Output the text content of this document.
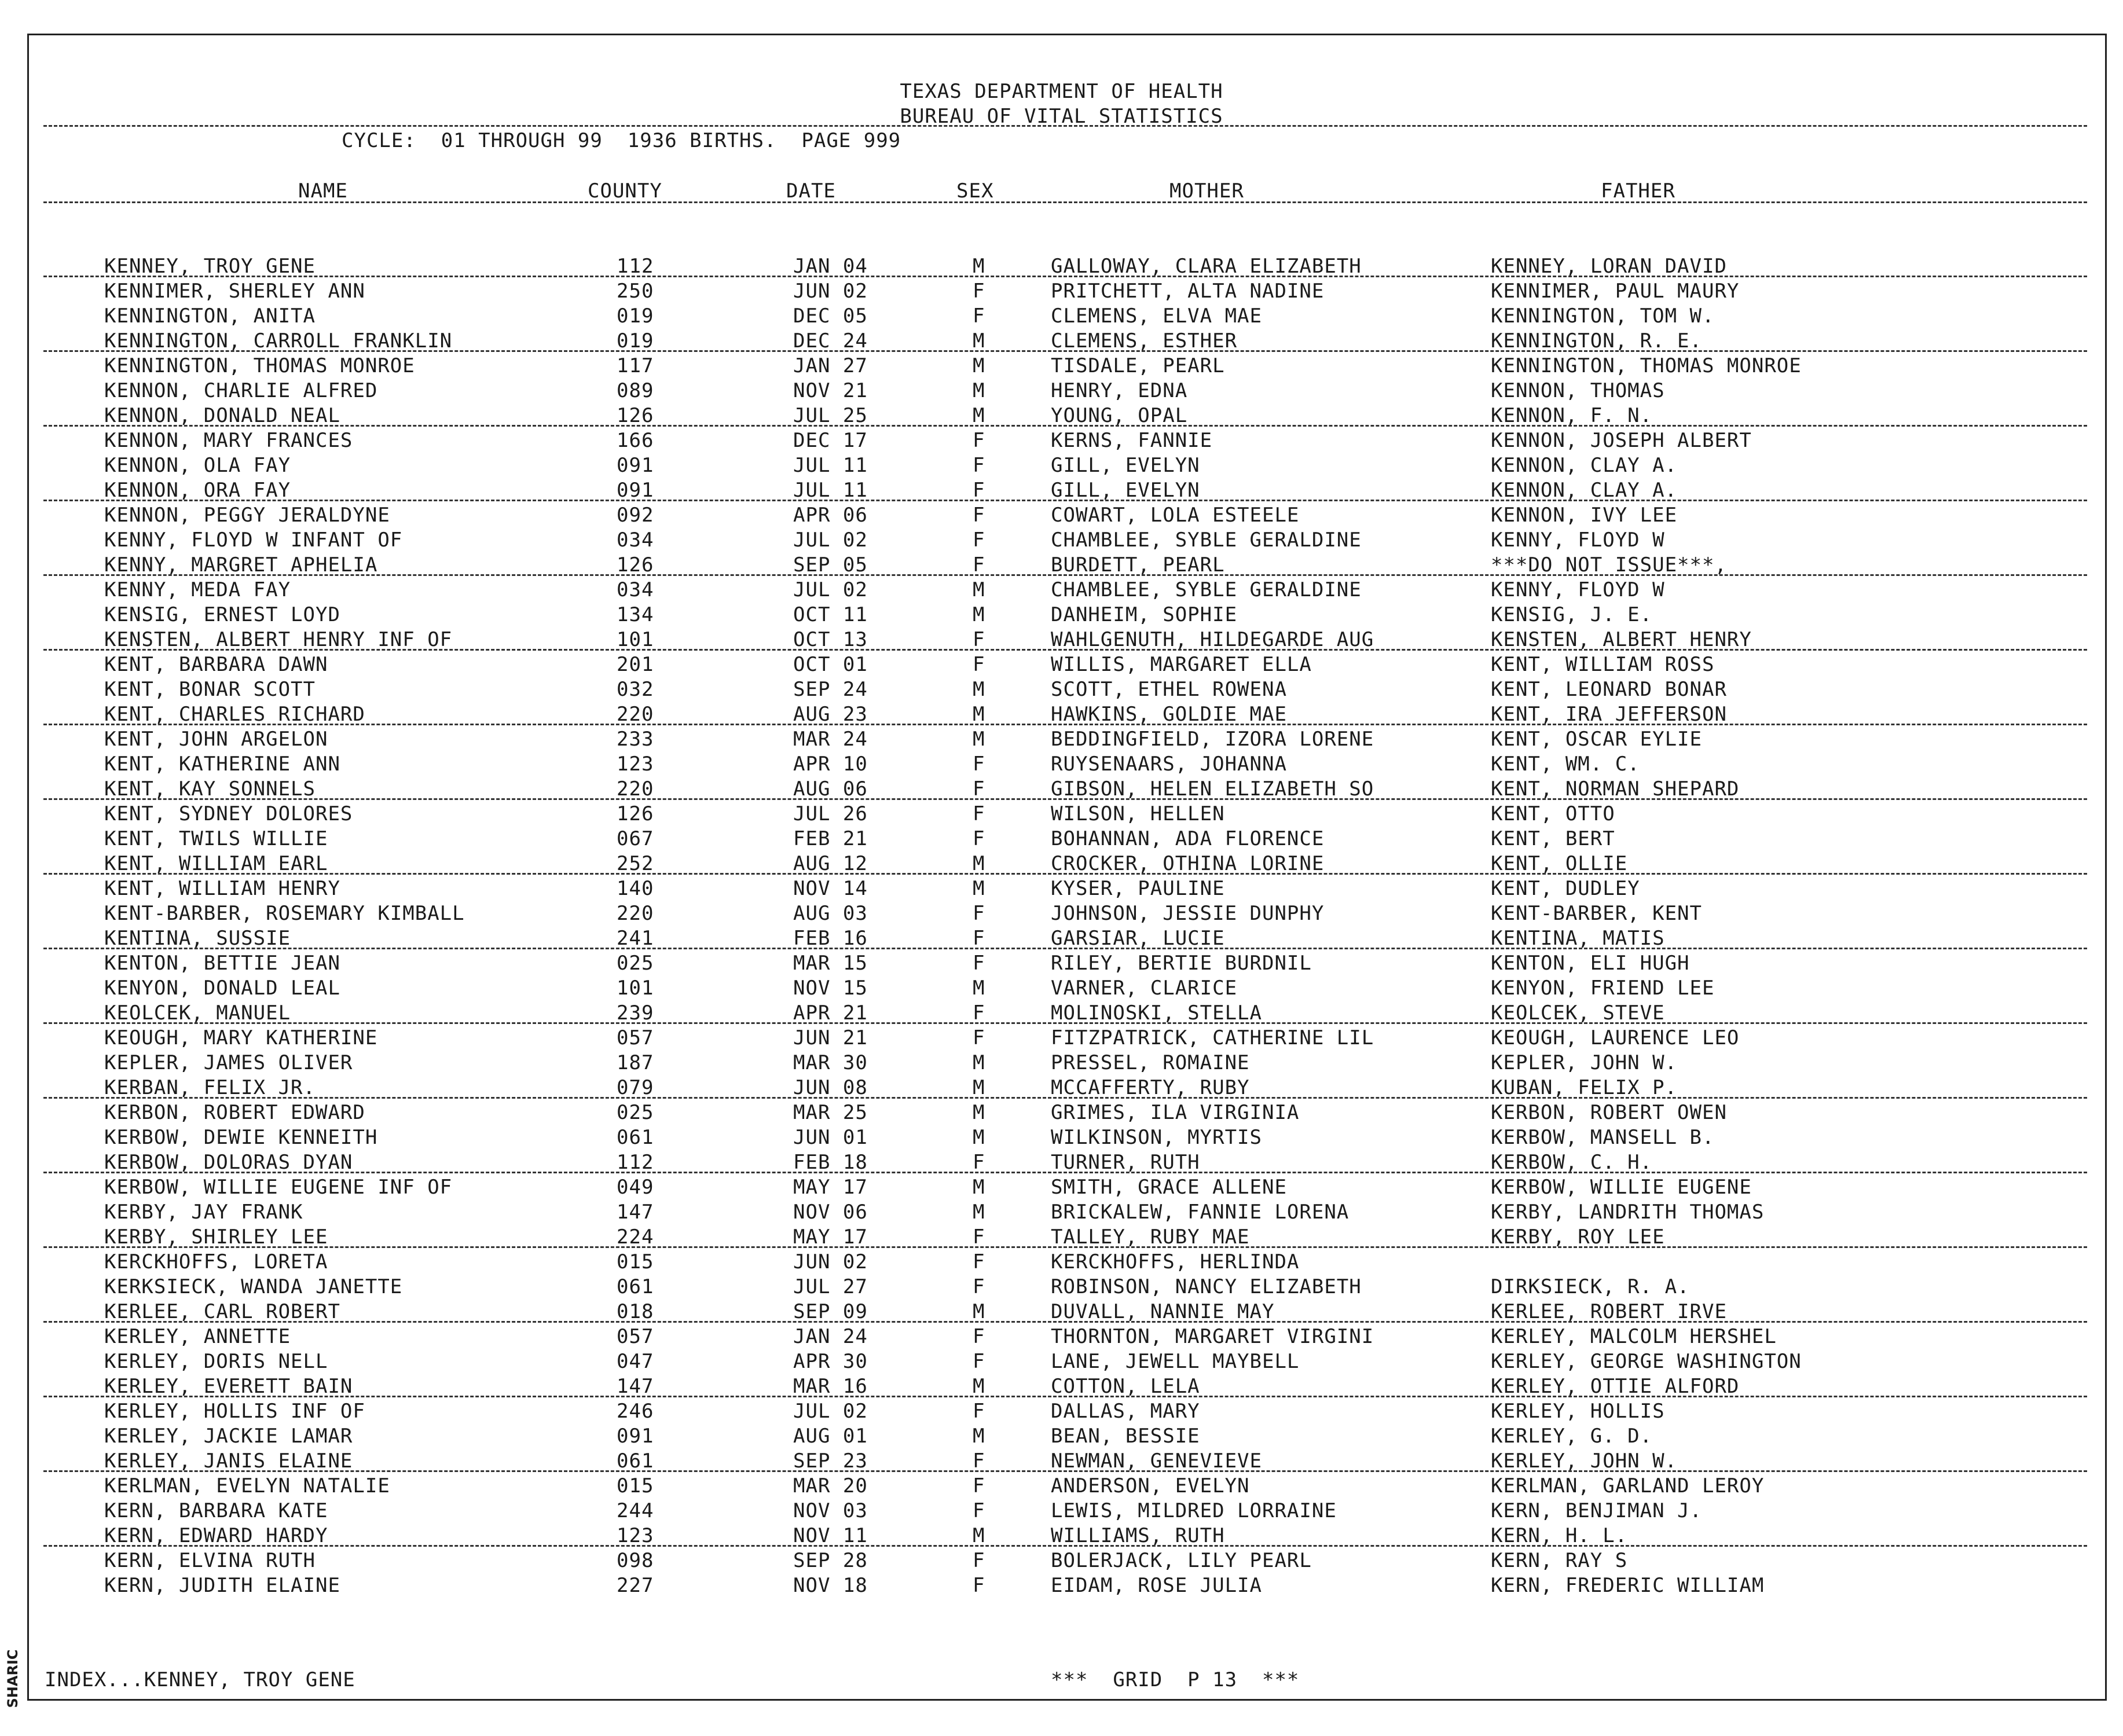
TEXAS DEPARTMENT OF HEALTH
BUREAU OF VITAL STATISTICS
CYCLE:  01 THROUGH 99  1936 BIRTHS.  PAGE 999
NAME	COUNTY	DATE	SEX	MOTHER	FATHER
KENNEY, TROY GENE	112	JAN 04	M	GALLOWAY, CLARA ELIZABETH	KENNEY, LORAN DAVID
KENNIMER, SHERLEY ANN	250	JUN 02	F	PRITCHETT, ALTA NADINE	KENNIMER, PAUL MAURY
KENNINGTON, ANITA	019	DEC 05	F	CLEMENS, ELVA MAE	KENNINGTON, TOM W.
KENNINGTON, CARROLL FRANKLIN	019	DEC 24	M	CLEMENS, ESTHER	KENNINGTON, R. E.
KENNINGTON, THOMAS MONROE	117	JAN 27	M	TISDALE, PEARL	KENNINGTON, THOMAS MONROE
KENNON, CHARLIE ALFRED	089	NOV 21	M	HENRY, EDNA	KENNON, THOMAS
KENNON, DONALD NEAL	126	JUL 25	M	YOUNG, OPAL	KENNON, F. N.
KENNON, MARY FRANCES	166	DEC 17	F	KERNS, FANNIE	KENNON, JOSEPH ALBERT
KENNON, OLA FAY	091	JUL 11	F	GILL, EVELYN	KENNON, CLAY A.
KENNON, ORA FAY	091	JUL 11	F	GILL, EVELYN	KENNON, CLAY A.
KENNON, PEGGY JERALDYNE	092	APR 06	F	COWART, LOLA ESTEELE	KENNON, IVY LEE
KENNY, FLOYD W INFANT OF	034	JUL 02	F	CHAMBLEE, SYBLE GERALDINE	KENNY, FLOYD W
KENNY, MARGRET APHELIA	126	SEP 05	F	BURDETT, PEARL	***DO NOT ISSUE***,
KENNY, MEDA FAY	034	JUL 02	M	CHAMBLEE, SYBLE GERALDINE	KENNY, FLOYD W
KENSIG, ERNEST LOYD	134	OCT 11	M	DANHEIM, SOPHIE	KENSIG, J. E.
KENSTEN, ALBERT HENRY INF OF	101	OCT 13	F	WAHLGENUTH, HILDEGARDE AUG	KENSTEN, ALBERT HENRY
KENT, BARBARA DAWN	201	OCT 01	F	WILLIS, MARGARET ELLA	KENT, WILLIAM ROSS
KENT, BONAR SCOTT	032	SEP 24	M	SCOTT, ETHEL ROWENA	KENT, LEONARD BONAR
KENT, CHARLES RICHARD	220	AUG 23	M	HAWKINS, GOLDIE MAE	KENT, IRA JEFFERSON
KENT, JOHN ARGELON	233	MAR 24	M	BEDDINGFIELD, IZORA LORENE	KENT, OSCAR EYLIE
KENT, KATHERINE ANN	123	APR 10	F	RUYSENAARS, JOHANNA	KENT, WM. C.
KENT, KAY SONNELS	220	AUG 06	F	GIBSON, HELEN ELIZABETH SO	KENT, NORMAN SHEPARD
KENT, SYDNEY DOLORES	126	JUL 26	F	WILSON, HELLEN	KENT, OTTO
KENT, TWILS WILLIE	067	FEB 21	F	BOHANNAN, ADA FLORENCE	KENT, BERT
KENT, WILLIAM EARL	252	AUG 12	M	CROCKER, OTHINA LORINE	KENT, OLLIE
KENT, WILLIAM HENRY	140	NOV 14	M	KYSER, PAULINE	KENT, DUDLEY
KENT-BARBER, ROSEMARY KIMBALL	220	AUG 03	F	JOHNSON, JESSIE DUNPHY	KENT-BARBER, KENT
KENTINA, SUSSIE	241	FEB 16	F	GARSIAR, LUCIE	KENTINA, MATIS
KENTON, BETTIE JEAN	025	MAR 15	F	RILEY, BERTIE BURDNIL	KENTON, ELI HUGH
KENYON, DONALD LEAL	101	NOV 15	M	VARNER, CLARICE	KENYON, FRIEND LEE
KEOLCEK, MANUEL	239	APR 21	F	MOLINOSKI, STELLA	KEOLCEK, STEVE
KEOUGH, MARY KATHERINE	057	JUN 21	F	FITZPATRICK, CATHERINE LIL	KEOUGH, LAURENCE LEO
KEPLER, JAMES OLIVER	187	MAR 30	M	PRESSEL, ROMAINE	KEPLER, JOHN W.
KERBAN, FELIX JR.	079	JUN 08	M	MCCAFFERTY, RUBY	KUBAN, FELIX P.
KERBON, ROBERT EDWARD	025	MAR 25	M	GRIMES, ILA VIRGINIA	KERBON, ROBERT OWEN
KERBOW, DEWIE KENNEITH	061	JUN 01	M	WILKINSON, MYRTIS	KERBOW, MANSELL B.
KERBOW, DOLORAS DYAN	112	FEB 18	F	TURNER, RUTH	KERBOW, C. H.
KERBOW, WILLIE EUGENE INF OF	049	MAY 17	M	SMITH, GRACE ALLENE	KERBOW, WILLIE EUGENE
KERBY, JAY FRANK	147	NOV 06	M	BRICKALEW, FANNIE LORENA	KERBY, LANDRITH THOMAS
KERBY, SHIRLEY LEE	224	MAY 17	F	TALLEY, RUBY MAE	KERBY, ROY LEE
KERCKHOFFS, LORETA	015	JUN 02	F	KERCKHOFFS, HERLINDA
KERKSIECK, WANDA JANETTE	061	JUL 27	F	ROBINSON, NANCY ELIZABETH	DIRKSIECK, R. A.
KERLEE, CARL ROBERT	018	SEP 09	M	DUVALL, NANNIE MAY	KERLEE, ROBERT IRVE
KERLEY, ANNETTE	057	JAN 24	F	THORNTON, MARGARET VIRGINI	KERLEY, MALCOLM HERSHEL
KERLEY, DORIS NELL	047	APR 30	F	LANE, JEWELL MAYBELL	KERLEY, GEORGE WASHINGTON
KERLEY, EVERETT BAIN	147	MAR 16	M	COTTON, LELA	KERLEY, OTTIE ALFORD
KERLEY, HOLLIS INF OF	246	JUL 02	F	DALLAS, MARY	KERLEY, HOLLIS
KERLEY, JACKIE LAMAR	091	AUG 01	M	BEAN, BESSIE	KERLEY, G. D.
KERLEY, JANIS ELAINE	061	SEP 23	F	NEWMAN, GENEVIEVE	KERLEY, JOHN W.
KERLMAN, EVELYN NATALIE	015	MAR 20	F	ANDERSON, EVELYN	KERLMAN, GARLAND LEROY
KERN, BARBARA KATE	244	NOV 03	F	LEWIS, MILDRED LORRAINE	KERN, BENJIMAN J.
KERN, EDWARD HARDY	123	NOV 11	M	WILLIAMS, RUTH	KERN, H. L.
KERN, ELVINA RUTH	098	SEP 28	F	BOLERJACK, LILY PEARL	KERN, RAY S
KERN, JUDITH ELAINE	227	NOV 18	F	EIDAM, ROSE JULIA	KERN, FREDERIC WILLIAM
INDEX...KENNEY, TROY GENE	***  GRID  P 13  ***
SHARIC
